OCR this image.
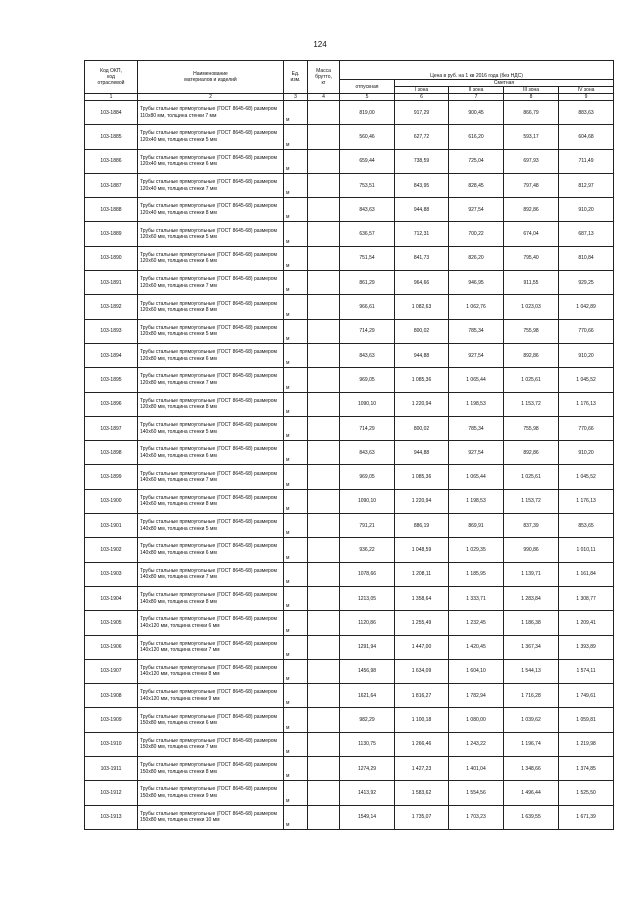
124
Код ОКП,
код
отраслевой	Наименование
материалов и изделий	Ед.
изм.	Масса
брутто,
кг	Цена в руб. на 1 кв 2016 года (без НДС)				
				отпускная	Сметная			
					I зона	II зона	III зона	IV зона
1	2	3	4	5	6	7	8	9
103-1884	Трубы стальные прямоугольные (ГОСТ 8645-68) размером 110х80 мм, толщина стенки 7 мм	м		819,00	917,29	900,45	866,79	883,63
103-1885	Трубы стальные прямоугольные (ГОСТ 8645-68) размером 120х40 мм, толщина стенки 5 мм	м		560,46	627,72	616,20	593,17	604,68
103-1886	Трубы стальные прямоугольные (ГОСТ 8645-68) размером 120х40 мм, толщина стенки 6 мм	м		659,44	738,59	725,04	697,93	711,49
103-1887	Трубы стальные прямоугольные (ГОСТ 8645-68) размером 120х40 мм, толщина стенки 7 мм	м		753,51	843,95	828,45	797,48	812,97
103-1888	Трубы стальные прямоугольные (ГОСТ 8645-68) размером 120х40 мм, толщина стенки 8 мм	м		843,63	944,88	927,54	892,86	910,20
103-1889	Трубы стальные прямоугольные (ГОСТ 8645-68) размером 120х60 мм, толщина стенки 5 мм	м		636,57	712,31	700,22	674,04	687,13
103-1890	Трубы стальные прямоугольные (ГОСТ 8645-68) размером 120х60 мм, толщина стенки 6 мм	м		751,54	841,73	826,20	795,40	810,84
103-1891	Трубы стальные прямоугольные (ГОСТ 8645-68) размером 120х60 мм, толщина стенки 7 мм	м		861,29	964,66	946,95	911,55	929,25
103-1892	Трубы стальные прямоугольные (ГОСТ 8645-68) размером 120х60 мм, толщина стенки 8 мм	м		966,61	1 082,63	1 062,76	1 023,03	1 042,89
103-1893	Трубы стальные прямоугольные (ГОСТ 8645-68) размером 120х80 мм, толщина стенки 5 мм	м		714,29	800,02	785,34	755,98	770,66
103-1894	Трубы стальные прямоугольные (ГОСТ 8645-68) размером 120х80 мм, толщина стенки 6 мм	м		843,63	944,88	927,54	892,86	910,20
103-1895	Трубы стальные прямоугольные (ГОСТ 8645-68) размером 120х80 мм, толщина стенки 7 мм	м		969,05	1 085,36	1 065,44	1 025,61	1 045,52
103-1896	Трубы стальные прямоугольные (ГОСТ 8645-68) размером 120х80 мм, толщина стенки 8 мм	м		1090,10	1 220,94	1 198,53	1 153,72	1 176,13
103-1897	Трубы стальные прямоугольные (ГОСТ 8645-68) размером 140х60 мм, толщина стенки 5 мм	м		714,29	800,02	785,34	755,98	770,66
103-1898	Трубы стальные прямоугольные (ГОСТ 8645-68) размером 140х60 мм, толщина стенки 6 мм	м		843,63	944,88	927,54	892,86	910,20
103-1899	Трубы стальные прямоугольные (ГОСТ 8645-68) размером 140х60 мм, толщина стенки 7 мм	м		969,05	1 085,36	1 065,44	1 025,61	1 045,52
103-1900	Трубы стальные прямоугольные (ГОСТ 8645-68) размером 140х60 мм, толщина стенки 8 мм	м		1090,10	1 220,94	1 198,53	1 153,72	1 176,13
103-1901	Трубы стальные прямоугольные (ГОСТ 8645-68) размером 140х80 мм, толщина стенки 5 мм	м		791,21	886,19	869,91	837,39	853,65
103-1902	Трубы стальные прямоугольные (ГОСТ 8645-68) размером 140х80 мм, толщина стенки 6 мм	м		936,22	1 048,59	1 029,35	990,86	1 010,11
103-1903	Трубы стальные прямоугольные (ГОСТ 8645-68) размером 140х80 мм, толщина стенки 7 мм	м		1078,66	1 208,11	1 185,95	1 139,71	1 161,84
103-1904	Трубы стальные прямоугольные (ГОСТ 8645-68) размером 140х80 мм, толщина стенки 8 мм	м		1213,05	1 358,64	1 333,71	1 283,84	1 308,77
103-1905	Трубы стальные прямоугольные (ГОСТ 8645-68) размером 140х120 мм, толщина стенки 6 мм	м		1120,86	1 255,49	1 232,45	1 186,38	1 209,41
103-1906	Трубы стальные прямоугольные (ГОСТ 8645-68) размером 140х120 мм, толщина стенки 7 мм	м		1291,94	1 447,00	1 420,45	1 367,34	1 393,89
103-1907	Трубы стальные прямоугольные (ГОСТ 8645-68) размером 140х120 мм, толщина стенки 8 мм	м		1456,98	1 634,09	1 604,10	1 544,13	1 574,11
103-1908	Трубы стальные прямоугольные (ГОСТ 8645-68) размером 140х120 мм, толщина стенки 9 мм	м		1621,64	1 816,27	1 782,94	1 716,28	1 749,61
103-1909	Трубы стальные прямоугольные (ГОСТ 8645-68) размером 150х80 мм, толщина стенки 6 мм	м		982,29	1 100,18	1 080,00	1 039,62	1 059,81
103-1910	Трубы стальные прямоугольные (ГОСТ 8645-68) размером 150х80 мм, толщина стенки 7 мм	м		1130,75	1 266,46	1 243,22	1 196,74	1 219,98
103-1911	Трубы стальные прямоугольные (ГОСТ 8645-68) размером 150х80 мм, толщина стенки 8 мм	м		1274,29	1 427,23	1 401,04	1 348,66	1 374,85
103-1912	Трубы стальные прямоугольные (ГОСТ 8645-68) размером 150х80 мм, толщина стенки 9 мм	м		1413,92	1 583,62	1 554,56	1 496,44	1 525,50
103-1913	Трубы стальные прямоугольные (ГОСТ 8645-68) размером 150х80 мм, толщина стенки 10 мм	м		1549,14	1 735,07	1 703,23	1 639,55	1 671,39
